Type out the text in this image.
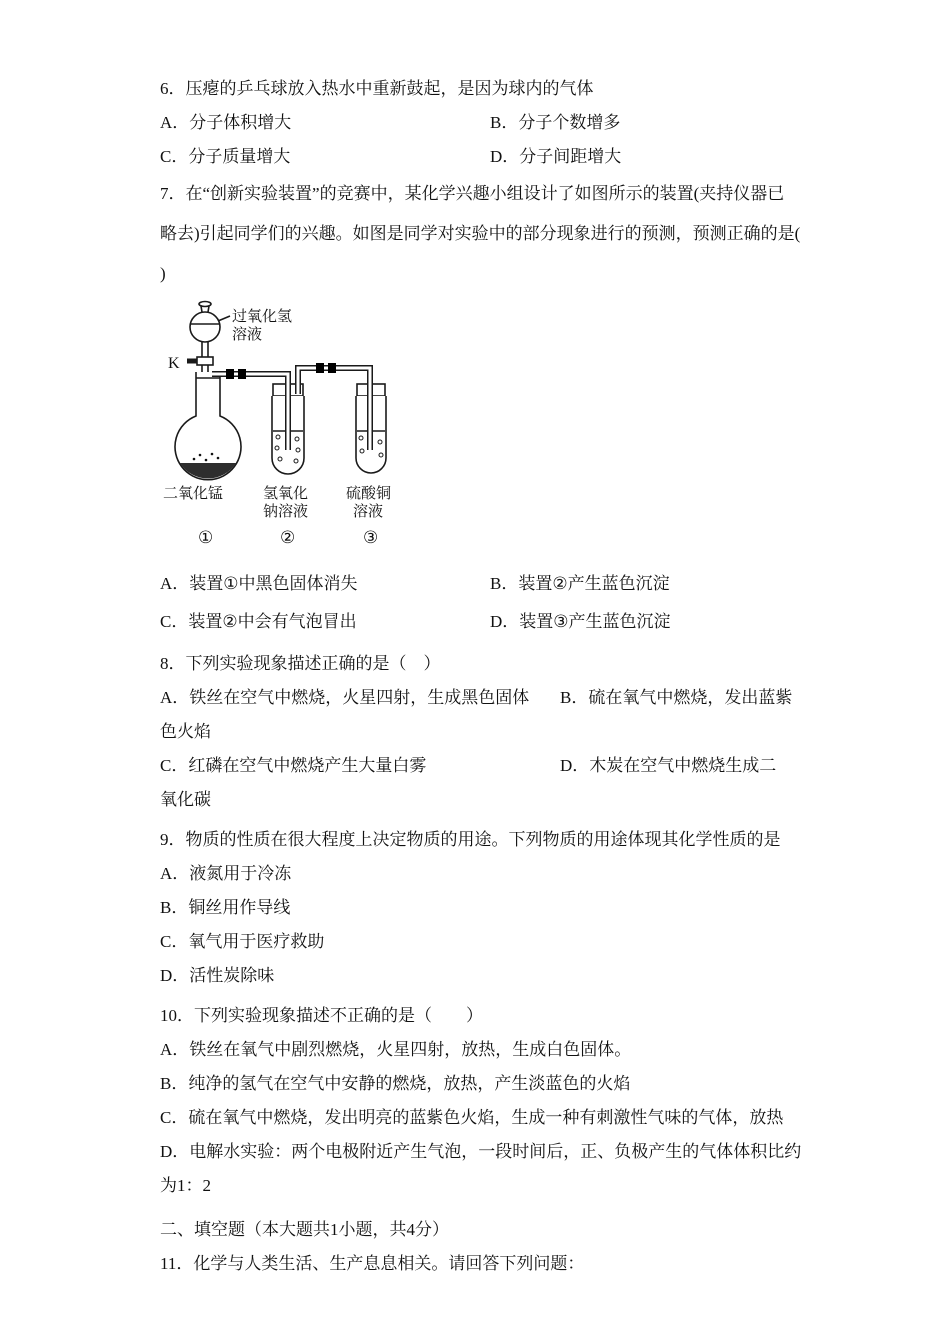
6．压瘪的乒乓球放入热水中重新鼓起，是因为球内的气体

A．分子体积增大	B．分子个数增多
C．分子质量增大	D．分子间距增大

7．在“创新实验装置”的竞赛中，某化学兴趣小组设计了如图所示的装置(夹持仪器已

略去)引起同学们的兴趣。如图是同学对实验中的部分现象进行的预测，预测正确的是(

)

过氧化氢
溶液
K
二氧化锰	氢氧化
钠溶液
硫酸铜
溶液
①	②	③
A．装置①中黑色固体消失	B．装置②产生蓝色沉淀
C．装置②中会有气泡冒出	D．装置③产生蓝色沉淀

8．下列实验现象描述正确的是（　）

A．铁丝在空气中燃烧，火星四射，生成黑色固体 B．硫在氧气中燃烧，发出蓝紫

色火焰

C．红磷在空气中燃烧产生大量白雾	D．木炭在空气中燃烧生成二

氧化碳

9．物质的性质在很大程度上决定物质的用途。下列物质的用途体现其化学性质的是

A．液氮用于冷冻

B．铜丝用作导线

C．氧气用于医疗救助

D．活性炭除味

10．下列实验现象描述不正确的是（　　）

A．铁丝在氧气中剧烈燃烧，火星四射，放热，生成白色固体。

B．纯净的氢气在空气中安静的燃烧，放热，产生淡蓝色的火焰

C．硫在氧气中燃烧，发出明亮的蓝紫色火焰，生成一种有刺激性气味的气体，放热

D．电解水实验：两个电极附近产生气泡，一段时间后，正、负极产生的气体体积比约

为1：2

二、填空题（本大题共1小题，共4分）

11．化学与人类生活、生产息息相关。请回答下列问题：
